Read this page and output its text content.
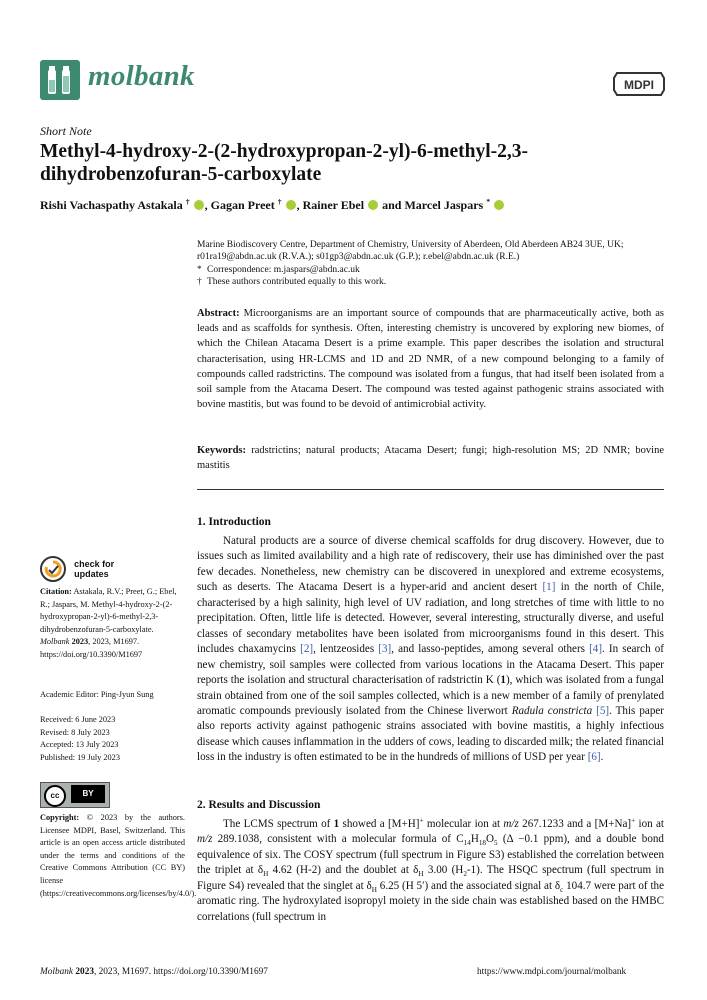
molbank	MDPI
Short Note
Methyl-4-hydroxy-2-(2-hydroxypropan-2-yl)-6-methyl-2,3-dihydrobenzofuran-5-carboxylate
Rishi Vachaspathy Astakala † , Gagan Preet † , Rainer Ebel  and Marcel Jaspars *
Marine Biodiscovery Centre, Department of Chemistry, University of Aberdeen, Old Aberdeen AB24 3UE, UK;
r01ra19@abdn.ac.uk (R.V.A.); s01gp3@abdn.ac.uk (G.P.); r.ebel@abdn.ac.uk (R.E.)
* Correspondence: m.jaspars@abdn.ac.uk
† These authors contributed equally to this work.
Abstract: Microorganisms are an important source of compounds that are pharmaceutically active, both as leads and as scaffolds for synthesis. Often, interesting chemistry is uncovered by exploring new biomes, of which the Chilean Atacama Desert is a prime example. This paper describes the isolation and structural characterisation, using HR-LCMS and 1D and 2D NMR, of a new compound belonging to a family of compounds called radstrictins. The compound was isolated from a fungus, that had itself been isolated from a soil sample from the Atacama Desert. The compound was tested against pathogenic strains associated with bovine mastitis, but was found to be devoid of antimicrobial activity.
Keywords: radstrictins; natural products; Atacama Desert; fungi; high-resolution MS; 2D NMR; bovine mastitis
1. Introduction
Natural products are a source of diverse chemical scaffolds for drug discovery. However, due to issues such as limited availability and a high rate of rediscovery, their use has diminished over the past few decades. Nonetheless, new chemistry can be discovered in unexplored and extreme ecosystems, such as deserts. The Atacama Desert is a hyper-arid and ancient desert [1] in the north of Chile, characterised by a high salinity, high level of UV radiation, and long stretches of time with little to no precipitation. Often, little life is detected. However, several interesting, structurally diverse, and useful classes of secondary metabolites have been isolated from microorganisms found in this desert. This includes chaxamycins [2], lentzeosides [3], and lasso-peptides, among several others [4]. In search of new chemistry, soil samples were collected from various locations in the Atacama Desert. This paper reports the isolation and structural characterisation of radstrictin K (1), which was isolated from a fungal strain obtained from one of the soil samples collected, which is a new member of a family of prenylated aromatic compounds previously isolated from the Chinese liverwort Radula constricta [5]. This paper also reports activity against pathogenic strains associated with bovine mastitis, a highly infectious disease which causes inflammation in the udders of cows, leading to discarded milk; the related financial loss in the industry is often estimated to be in the hundreds of millions of USD per year [6].
2. Results and Discussion
The LCMS spectrum of 1 showed a [M+H]+ molecular ion at m/z 267.1233 and a [M+Na]+ ion at m/z 289.1038, consistent with a molecular formula of $C_{14}H_{18}O_5$ (Δ −0.1 ppm), and a double bond equivalence of six. The COSY spectrum (full spectrum in Figure S3) established the correlation between the triplet at $\delta_H$ 4.62 (H-2) and the doublet at $\delta_H$ 3.00 $(H_2-1)$. The HSQC spectrum (full spectrum in Figure S4) revealed that the singlet at $\delta_H$ 6.25 (H 5′) and the associated signal at $\delta_c$ 104.7 were part of the aromatic ring. The hydroxylated isopropyl moiety in the side chain was established based on the HMBC correlations (full spectrum in
check for
updates
Citation: Astakala, R.V.; Preet, G.; Ebel, R.; Jaspars, M. Methyl-4-hydroxy-2-(2-hydroxypropan-2-yl)-6-methyl-2,3-dihydrobenzofuran-5-carboxylate. Molbank 2023, 2023, M1697. https://doi.org/10.3390/M1697
Academic Editor: Ping-Jyun Sung
Received: 6 June 2023
Revised: 8 July 2023
Accepted: 13 July 2023
Published: 19 July 2023
cc	BY
Copyright: © 2023 by the authors. Licensee MDPI, Basel, Switzerland. This article is an open access article distributed under the terms and conditions of the Creative Commons Attribution (CC BY) license (https://creativecommons.org/licenses/by/4.0/).
Molbank 2023, 2023, M1697. https://doi.org/10.3390/M1697	https://www.mdpi.com/journal/molbank
